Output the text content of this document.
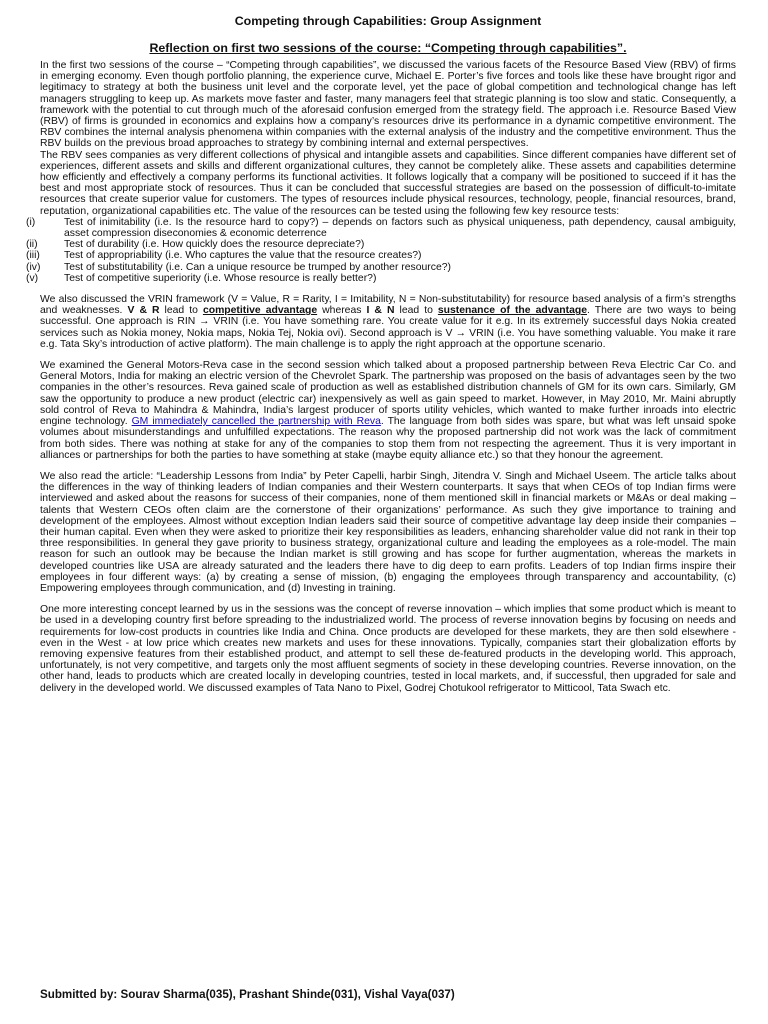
Competing through Capabilities: Group Assignment
Reflection on first two sessions of the course: “Competing through capabilities”.

In the first two sessions of the course – “Competing through capabilities”, we discussed the various facets of the Resource Based View (RBV) of firms in emerging economy. Even though portfolio planning, the experience curve, Michael E. Porter’s five forces and tools like these have brought rigor and legitimacy to strategy at both the business unit level and the corporate level, yet the pace of global competition and technological change has left managers struggling to keep up. As markets move faster and faster, many managers feel that strategic planning is too slow and static. Consequently, a framework with the potential to cut through much of the aforesaid confusion emerged from the strategy field. The approach i.e. Resource Based View (RBV) of firms is grounded in economics and explains how a company’s resources drive its performance in a dynamic competitive environment. The RBV combines the internal analysis phenomena within companies with the external analysis of the industry and the competitive environment. Thus the RBV builds on the previous broad approaches to strategy by combining internal and external perspectives.

The RBV sees companies as very different collections of physical and intangible assets and capabilities. Since different companies have different set of experiences, different assets and skills and different organizational cultures, they cannot be completely alike. These assets and capabilities determine how efficiently and effectively a company performs its functional activities. It follows logically that a company will be positioned to succeed if it has the best and most appropriate stock of resources. Thus it can be concluded that successful strategies are based on the possession of difficult-to-imitate resources that create superior value for customers. The types of resources include physical resources, technology, people, financial resources, brand, reputation, organizational capabilities etc. The value of the resources can be tested using the following few key resource tests:

(i)	Test of inimitability (i.e. Is the resource hard to copy?) – depends on factors such as physical uniqueness, path dependency, causal ambiguity, asset compression diseconomies & economic deterrence
(ii)	Test of durability (i.e. How quickly does the resource depreciate?)
(iii)	Test of appropriability (i.e. Who captures the value that the resource creates?)
(iv)	Test of substitutability (i.e. Can a unique resource be trumped by another resource?)
(v)	Test of competitive superiority (i.e. Whose resource is really better?)

We also discussed the VRIN framework (V = Value, R = Rarity, I = Imitability, N = Non-substitutability) for resource based analysis of a firm’s strengths and weaknesses. V & R lead to competitive advantage whereas I & N lead to sustenance of the advantage. There are two ways to being successful. One approach is RIN → VRIN (i.e. You have something rare. You create value for it e.g. In its extremely successful days Nokia created services such as Nokia money, Nokia maps, Nokia Tej, Nokia ovi). Second approach is V → VRIN (i.e. You have something valuable. You make it rare e.g. Tata Sky’s introduction of active platform). The main challenge is to apply the right approach at the opportune scenario.

We examined the General Motors-Reva case in the second session which talked about a proposed partnership between Reva Electric Car Co. and General Motors, India for making an electric version of the Chevrolet Spark. The partnership was proposed on the basis of advantages seen by the two companies in the other’s resources. Reva gained scale of production as well as established distribution channels of GM for its own cars. Similarly, GM saw the opportunity to produce a new product (electric car) inexpensively as well as gain speed to market. However, in May 2010, Mr. Maini abruptly sold control of Reva to Mahindra & Mahindra, India’s largest producer of sports utility vehicles, which wanted to make further inroads into electric engine technology. GM immediately cancelled the partnership with Reva. The language from both sides was spare, but what was left unsaid spoke volumes about misunderstandings and unfulfilled expectations. The reason why the proposed partnership did not work was the lack of commitment from both sides. There was nothing at stake for any of the companies to stop them from not respecting the agreement. Thus it is very important in alliances or partnerships for both the parties to have something at stake (maybe equity alliance etc.) so that they honour the agreement.

We also read the article: “Leadership Lessons from India” by Peter Capelli, harbir Singh, Jitendra V. Singh and Michael Useem. The article talks about the differences in the way of thinking leaders of Indian companies and their Western counterparts. It says that when CEOs of top Indian firms were interviewed and asked about the reasons for success of their companies, none of them mentioned skill in financial markets or M&As or deal making – talents that Western CEOs often claim are the cornerstone of their organizations’ performance. As such they give importance to training and development of the employees. Almost without exception Indian leaders said their source of competitive advantage lay deep inside their companies – their human capital. Even when they were asked to prioritize their key responsibilities as leaders, enhancing shareholder value did not rank in their top three responsibilities. In general they gave priority to business strategy, organizational culture and leading the employees as a role-model. The main reason for such an outlook may be because the Indian market is still growing and has scope for further augmentation, whereas the markets in developed countries like USA are already saturated and the leaders there have to dig deep to earn profits. Leaders of top Indian firms inspire their employees in four different ways: (a) by creating a sense of mission, (b) engaging the employees through transparency and accountability, (c) Empowering employees through communication, and (d) Investing in training.

One more interesting concept learned by us in the sessions was the concept of reverse innovation – which implies that some product which is meant to be used in a developing country first before spreading to the industrialized world. The process of reverse innovation begins by focusing on needs and requirements for low-cost products in countries like India and China. Once products are developed for these markets, they are then sold elsewhere - even in the West - at low price which creates new markets and uses for these innovations. Typically, companies start their globalization efforts by removing expensive features from their established product, and attempt to sell these de-featured products in the developing world. This approach, unfortunately, is not very competitive, and targets only the most affluent segments of society in these developing countries. Reverse innovation, on the other hand, leads to products which are created locally in developing countries, tested in local markets, and, if successful, then upgraded for sale and delivery in the developed world. We discussed examples of Tata Nano to Pixel, Godrej Chotukool refrigerator to Mitticool, Tata Swach etc.

Submitted by: Sourav Sharma(035), Prashant Shinde(031), Vishal Vaya(037)
